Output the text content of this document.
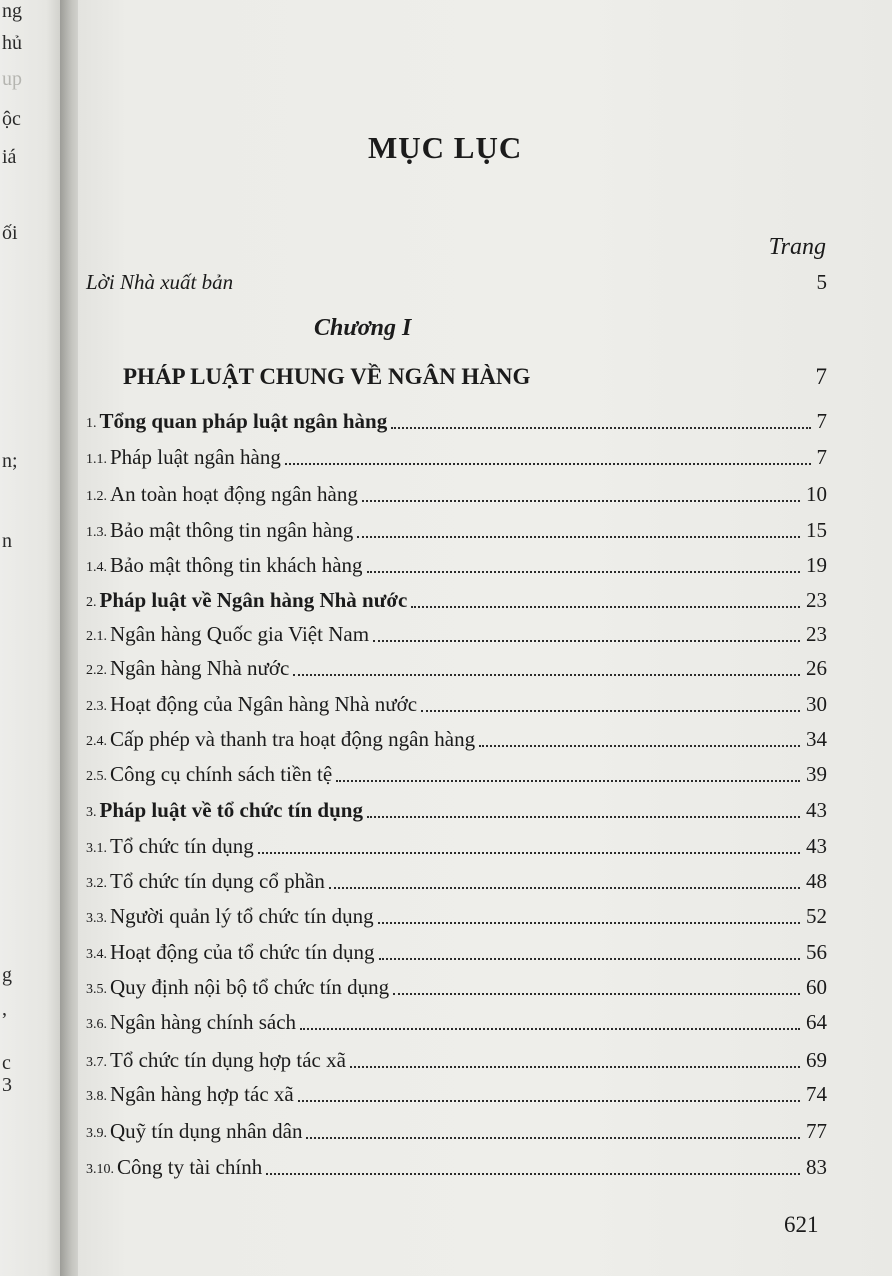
ng
hủ
up
ộc
iá
ối
n;
n
g
,
c
3
MỤC LỤC
Trang
Lời Nhà xuất bản	5
PHÁP LUẬT CHUNG VỀ NGÂN HÀNG	7
1. Tổng quan pháp luật ngân hàng	7
1.1. Pháp luật ngân hàng	7
1.2. An toàn hoạt động ngân hàng	10
1.3. Bảo mật thông tin ngân hàng	15
1.4. Bảo mật thông tin khách hàng	19
2. Pháp luật về Ngân hàng Nhà nước	23
2.1. Ngân hàng Quốc gia Việt Nam	23
2.2. Ngân hàng Nhà nước	26
2.3. Hoạt động của Ngân hàng Nhà nước	30
2.4. Cấp phép và thanh tra hoạt động ngân hàng	34
2.5. Công cụ chính sách tiền tệ	39
3. Pháp luật về tổ chức tín dụng	43
3.1. Tổ chức tín dụng	43
3.2. Tổ chức tín dụng cổ phần	48
3.3. Người quản lý tổ chức tín dụng	52
3.4. Hoạt động của tổ chức tín dụng	56
3.5. Quy định nội bộ tổ chức tín dụng	60
3.6. Ngân hàng chính sách	64
3.7. Tổ chức tín dụng hợp tác xã	69
3.8. Ngân hàng hợp tác xã	74
3.9. Quỹ tín dụng nhân dân	77
3.10. Công ty tài chính	83
Chương I
621
